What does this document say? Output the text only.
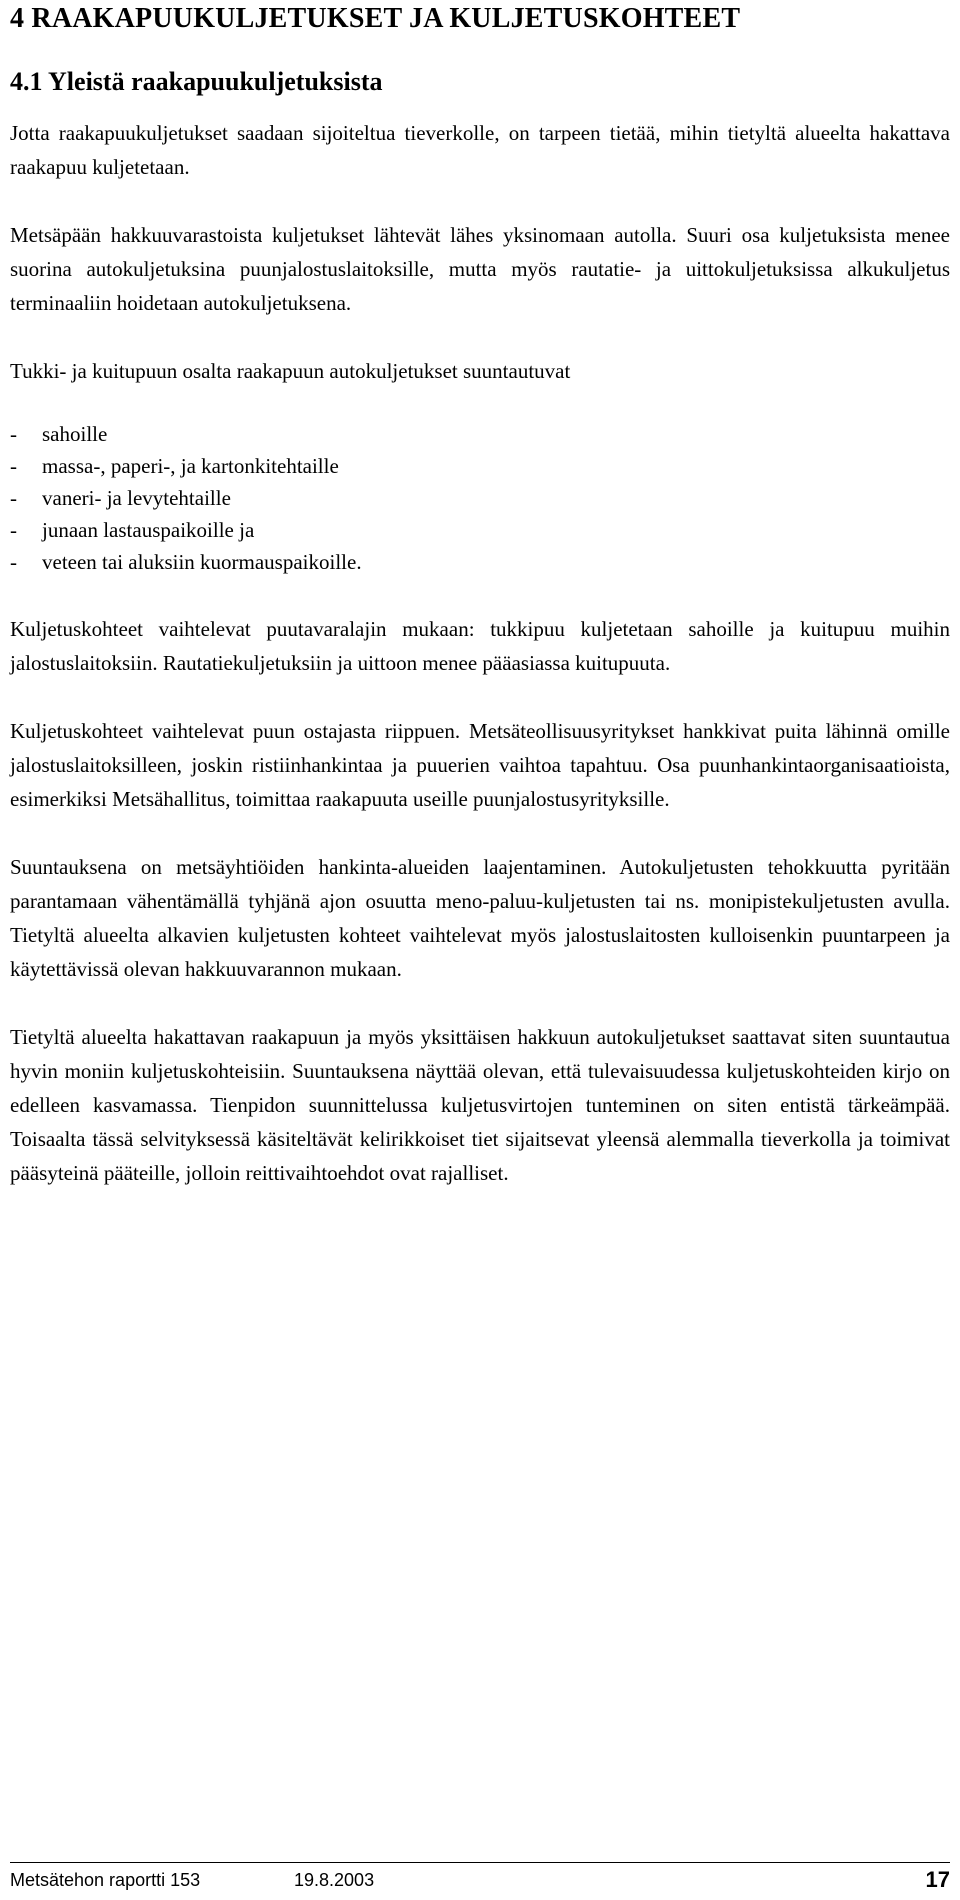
4 RAAKAPUUKULJETUKSET JA KULJETUSKOHTEET
4.1 Yleistä raakapuukuljetuksista

Jotta raakapuukuljetukset saadaan sijoiteltua tieverkolle, on tarpeen tietää, mihin tietyltä alueelta hakattava raakapuu kuljetetaan.

Metsäpään hakkuuvarastoista kuljetukset lähtevät lähes yksinomaan autolla. Suuri osa kuljetuksista menee suorina autokuljetuksina puunjalostuslaitoksille, mutta myös rautatie- ja uittokuljetuksissa alkukuljetus terminaaliin hoidetaan autokuljetuksena.

Tukki- ja kuitupuun osalta raakapuun autokuljetukset suuntautuvat

-	sahoille
-	massa-, paperi-, ja kartonkitehtaille
-	vaneri- ja levytehtaille
-	junaan lastauspaikoille ja
-	veteen tai aluksiin kuormauspaikoille.

Kuljetuskohteet vaihtelevat puutavaralajin mukaan: tukkipuu kuljetetaan sahoille ja kuitupuu muihin jalostuslaitoksiin. Rautatiekuljetuksiin ja uittoon menee pääasiassa kuitupuuta.

Kuljetuskohteet vaihtelevat puun ostajasta riippuen. Metsäteollisuusyritykset hankkivat puita lähinnä omille jalostuslaitoksilleen, joskin ristiinhankintaa ja puuerien vaihtoa tapahtuu. Osa puunhankintaorganisaatioista, esimerkiksi Metsähallitus, toimittaa raakapuuta useille puunjalostusyrityksille.

Suuntauksena on metsäyhtiöiden hankinta-alueiden laajentaminen. Autokuljetusten tehokkuutta pyritään parantamaan vähentämällä tyhjänä ajon osuutta meno-paluu-kuljetusten tai ns. monipistekuljetusten avulla. Tietyltä alueelta alkavien kuljetusten kohteet vaihtelevat myös jalostuslaitosten kulloisenkin puuntarpeen ja käytettävissä olevan hakkuuvarannon mukaan.

Tietyltä alueelta hakattavan raakapuun ja myös yksittäisen hakkuun autokuljetukset saattavat siten suuntautua hyvin moniin kuljetuskohteisiin. Suuntauksena näyttää olevan, että tulevaisuudessa kuljetuskohteiden kirjo on edelleen kasvamassa. Tienpidon suunnittelussa kuljetusvirtojen tunteminen on siten entistä tärkeämpää. Toisaalta tässä selvityksessä käsiteltävät kelirikkoiset tiet sijaitsevat yleensä alemmalla tieverkolla ja toimivat pääsyteinä pääteille, jolloin reittivaihtoehdot ovat rajalliset.

Metsätehon raportti 153	19.8.2003	17
